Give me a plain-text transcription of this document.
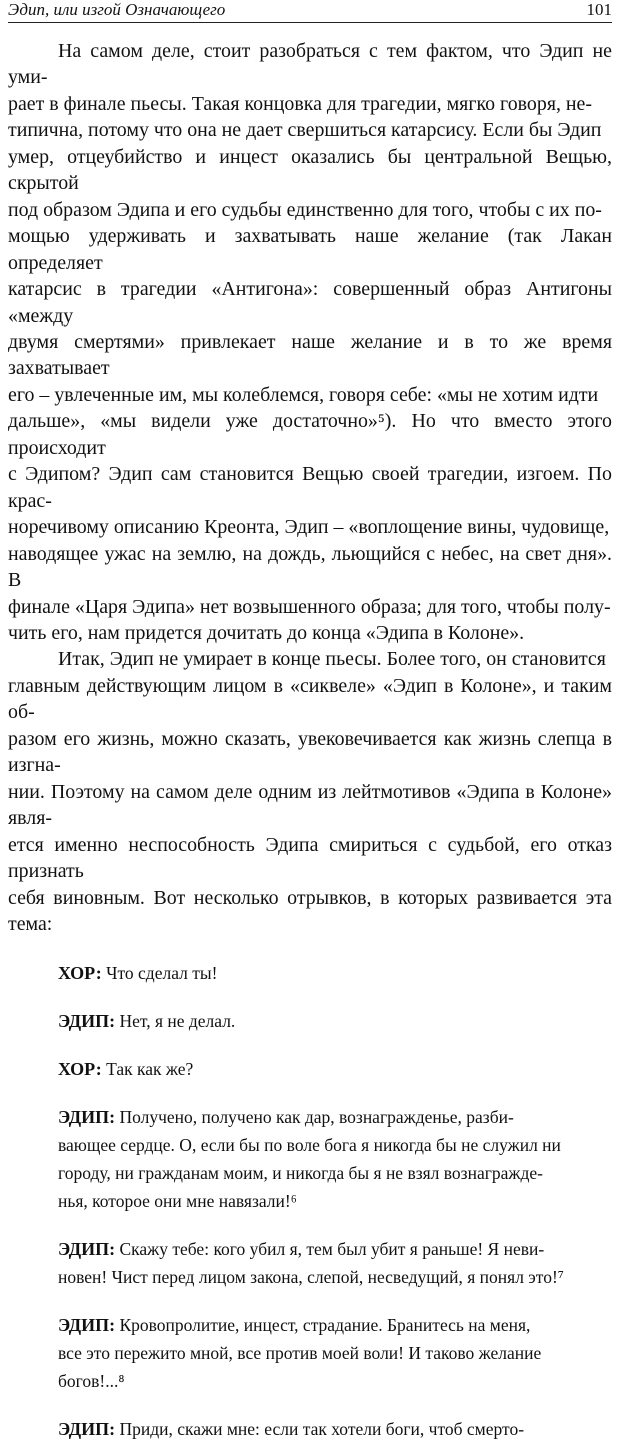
Эдип, или изгой Означающего	101

На самом деле, стоит разобраться с тем фактом, что Эдип не уми-
рает в финале пьесы. Такая концовка для трагедии, мягко говоря, не-
типична, потому что она не дает свершиться катарсису. Если бы Эдип
умер, отцеубийство и инцест оказались бы центральной Вещью, скрытой
под образом Эдипа и его судьбы единственно для того, чтобы с их по-
мощью удерживать и захватывать наше желание (так Лакан определяет
катарсис в трагедии «Антигона»: совершенный образ Антигоны «между
двумя смертями» привлекает наше желание и в то же время захватывает
его – увлеченные им, мы колеблемся, говоря себе: «мы не хотим идти
дальше», «мы видели уже достаточно»⁵). Но что вместо этого происходит
с Эдипом? Эдип сам становится Вещью своей трагедии, изгоем. По крас-
норечивому описанию Креонта, Эдип – «воплощение вины, чудовище,
наводящее ужас на землю, на дождь, льющийся с небес, на свет дня». В
финале «Царя Эдипа» нет возвышенного образа; для того, чтобы полу-
чить его, нам придется дочитать до конца «Эдипа в Колоне».

Итак, Эдип не умирает в конце пьесы. Более того, он становится
главным действующим лицом в «сиквеле» «Эдип в Колоне», и таким об-
разом его жизнь, можно сказать, увековечивается как жизнь слепца в изгна-
нии. Поэтому на самом деле одним из лейтмотивов «Эдипа в Колоне» явля-
ется именно неспособность Эдипа смириться с судьбой, его отказ признать
себя виновным. Вот несколько отрывков, в которых развивается эта тема:

ХОР: Что сделал ты!

ЭДИП: Нет, я не делал.

ХОР: Так как же?

ЭДИП: Получено, получено как дар, вознагражденье, разби-
вающее сердце. О, если бы по воле бога я никогда бы не служил ни
городу, ни гражданам моим, и никогда бы я не взял вознагражде-
нья, которое они мне навязали!⁶

ЭДИП: Скажу тебе: кого убил я, тем был убит я раньше! Я неви-
новен! Чист перед лицом закона, слепой, несведущий, я понял это!⁷

ЭДИП: Кровопролитие, инцест, страдание. Бранитесь на меня,
все это пережито мной, все против моей воли! И таково желание
богов!...⁸

ЭДИП: Приди, скажи мне: если так хотели боги, чтоб смерто-
